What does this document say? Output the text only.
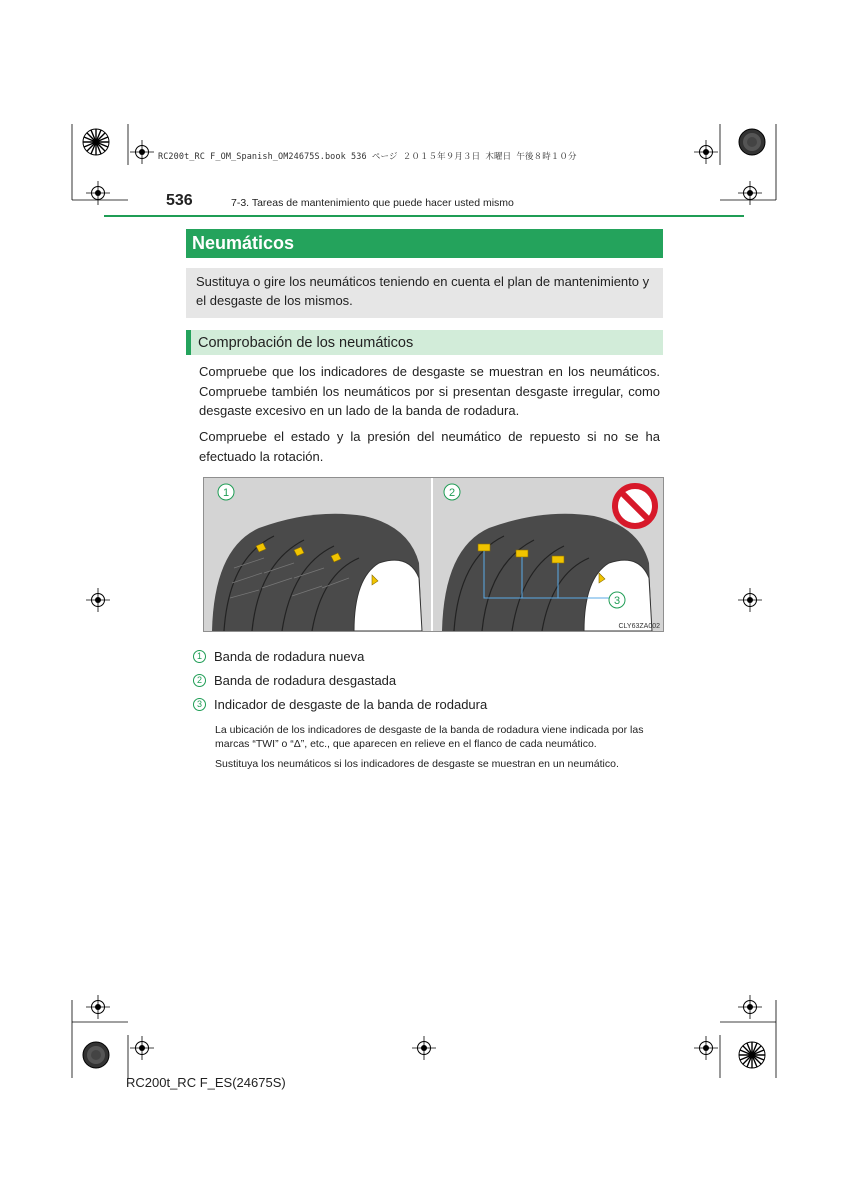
RC200t_RC F_OM_Spanish_OM24675S.book 536 ページ ２０１５年９月３日 木曜日 午後８時１０分
536	7-3. Tareas de mantenimiento que puede hacer usted mismo
Neumáticos
Sustituya o gire los neumáticos teniendo en cuenta el plan de mantenimiento y el desgaste de los mismos.
Comprobación de los neumáticos

Compruebe que los indicadores de desgaste se muestran en los neumáticos. Compruebe también los neumáticos por si presentan desgaste irregular, como desgaste excesivo en un lado de la banda de rodadura.

Compruebe el estado y la presión del neumático de repuesto si no se ha efectuado la rotación.

1
3
2
CLY63ZA002
1 Banda de rodadura nueva
2 Banda de rodadura desgastada
3 Indicador de desgaste de la banda de rodadura

La ubicación de los indicadores de desgaste de la banda de rodadura viene indicada por las marcas “TWI” o “Δ”, etc., que aparecen en relieve en el flanco de cada neumático.

Sustituya los neumáticos si los indicadores de desgaste se muestran en un neumático.

RC200t_RC F_ES(24675S)
